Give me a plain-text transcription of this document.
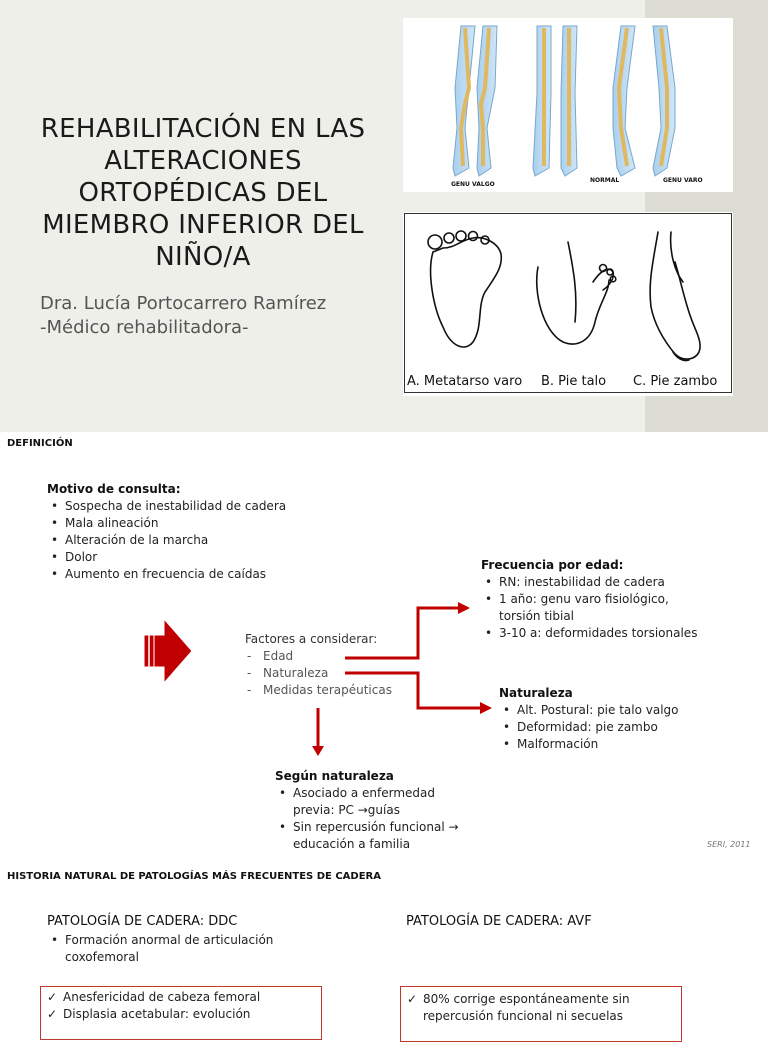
REHABILITACIÓN EN LAS ALTERACIONES ORTOPÉDICAS DEL MIEMBRO INFERIOR DEL NIÑO/A
Dra. Lucía Portocarrero Ramírez
-Médico rehabilitadora-
GENU VALGO
NORMAL	GENU VARO
A. Metatarso varo B. Pie talo C. Pie zambo
DEFINICIÓN
Motivo de consulta:
• Sospecha de inestabilidad de cadera
• Mala alineación
• Alteración de la marcha
• Dolor
• Aumento en frecuencia de caídas
Factores a considerar:
- Edad
- Naturaleza
- Medidas terapéuticas
Frecuencia por edad:
• RN: inestabilidad de cadera
• 1 año: genu varo fisiológico, torsión tibial
• 3-10 a: deformidades torsionales
Naturaleza
• Alt. Postural: pie talo valgo
• Deformidad: pie zambo
• Malformación
Según naturaleza
• Asociado a enfermedad previa: PC →guías
• Sin repercusión funcional → educación a familia	SERI, 2011
HISTORIA NATURAL DE PATOLOGÍAS MÁS FRECUENTES DE CADERA
PATOLOGÍA DE CADERA: DDC
• Formación anormal de articulación coxofemoral
✓ Anesfericidad de cabeza femoral
✓ Displasia acetabular: evolución
PATOLOGÍA DE CADERA: AVF
✓ 80% corrige espontáneamente sin repercusión funcional ni secuelas
